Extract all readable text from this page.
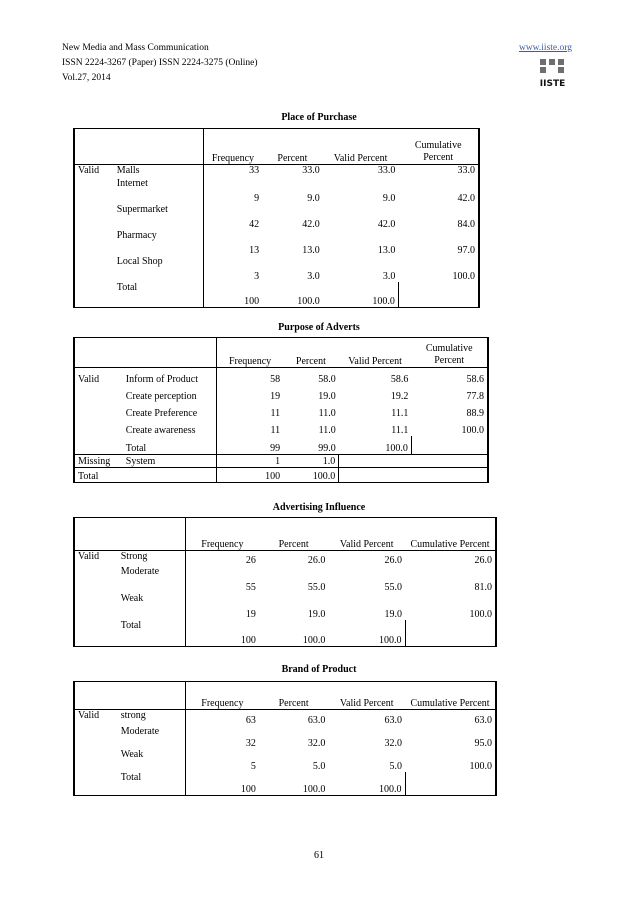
New Media and Mass Communication
ISSN 2224-3267 (Paper) ISSN 2224-3275 (Online)
Vol.27, 2014
www.iiste.org
IISTE
Place of Purchase
		Frequency	Percent	Valid Percent	Cumulative Percent
Valid	Malls	33	33.0	33.0	33.0
	Internet	9	9.0	9.0	42.0
	Supermarket	42	42.0	42.0	84.0
	Pharmacy	13	13.0	13.0	97.0
	Local Shop	3	3.0	3.0	100.0
	Total	100	100.0	100.0	
Purpose of Adverts
		Frequency	Percent	Valid Percent	Cumulative Percent
Valid	Inform of Product	58	58.0	58.6	58.6
	Create perception	19	19.0	19.2	77.8
	Create Preference	11	11.0	11.1	88.9
	Create awareness	11	11.0	11.1	100.0
	Total	99	99.0	100.0	
Missing	System	1	1.0		
Total		100	100.0		
Advertising Influence
		Frequency	Percent	Valid Percent	Cumulative Percent
Valid	Strong	26	26.0	26.0	26.0
	Moderate	55	55.0	55.0	81.0
	Weak	19	19.0	19.0	100.0
	Total	100	100.0	100.0	
Brand of Product
		Frequency	Percent	Valid Percent	Cumulative Percent
Valid	strong	63	63.0	63.0	63.0
	Moderate	32	32.0	32.0	95.0
	Weak	5	5.0	5.0	100.0
	Total	100	100.0	100.0	
61
